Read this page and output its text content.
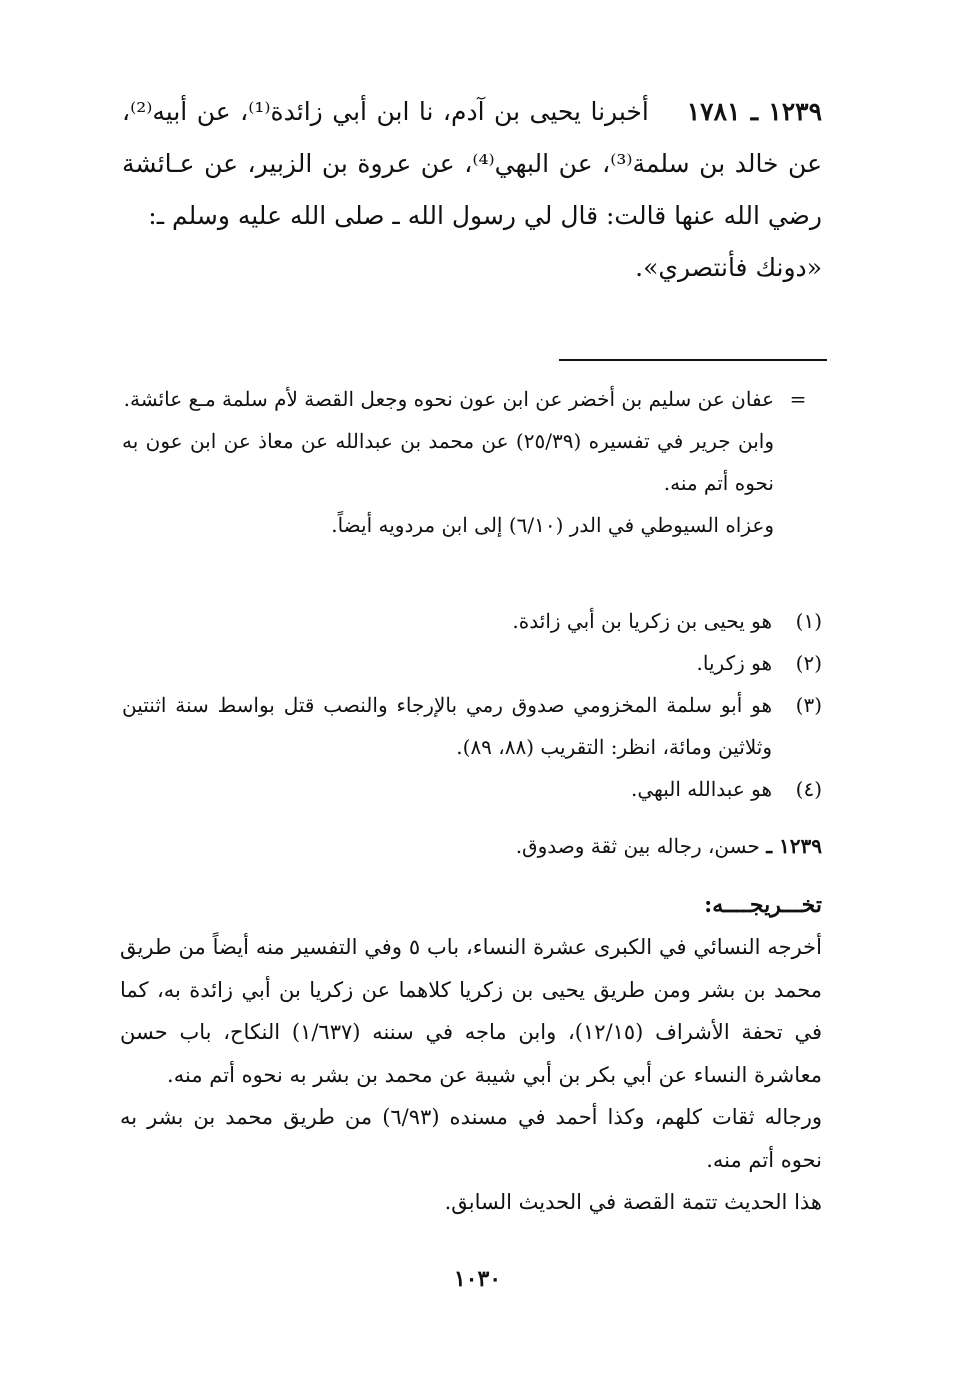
١٢٣٩ ـ ١٧٨١    أخبرنا يحيى بن آدم، نا ابن أبي زائدة⁽¹⁾، عن أبيه⁽²⁾، عن خالد بن سلمة⁽³⁾، عن البهي⁽⁴⁾، عن عروة بن الزبير، عن عـائشة رضي الله عنها قالت: قال لي رسول الله ـ صلى الله عليه وسلم ـ:

«دونك فأنتصري».

=

عفان عن سليم بن أخضر عن ابن عون نحوه وجعل القصة لأم سلمة مـع عائشة.

وابن جرير في تفسيره (٢٥/٣٩) عن محمد بن عبدالله عن معاذ عن ابن عون به نحوه أتم منه.

وعزاه السيوطي في الدر (٦/١٠) إلى ابن مردويه أيضاً.

(١)
هو يحيى بن زكريا بن أبي زائدة.
(٢)
هو زكريا.
(٣)
هو أبو سلمة المخزومي صدوق رمي بالإرجاء والنصب قتل بواسط سنة اثنتين وثلاثين ومائة، انظر: التقريب (٨٨، ٨٩).
(٤)
هو عبدالله البهي.
١٢٣٩ ـ حسن، رجاله بين ثقة وصدوق.
تخـــريجــــه:

أخرجه النسائي في الكبرى عشرة النساء، باب ٥ وفي التفسير منه أيضاً من طريق محمد بن بشر ومن طريق يحيى بن زكريا كلاهما عن زكريا بن أبي زائدة به، كما في تحفة الأشراف (١٢/١٥)، وابن ماجه في سننه (١/٦٣٧) النكاح، باب حسن معاشرة النساء عن أبي بكر بن أبي شيبة عن محمد بن بشر به نحوه أتم منه.

ورجاله ثقات كلهم، وكذا أحمد في مسنده (٦/٩٣) من طريق محمد بن بشر به نحوه أتم منه.

هذا الحديث تتمة القصة في الحديث السابق.

١٠٣٠
